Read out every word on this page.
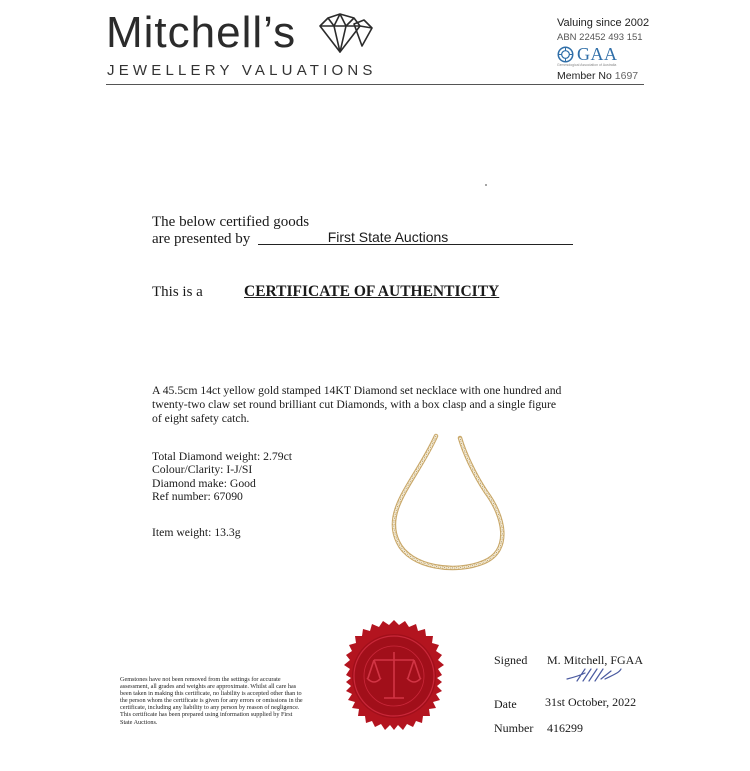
Mitchell’s
JEWELLERY VALUATIONS
Valuing since 2002
ABN 22452 493 151
GAA
Gemmological Association of Australia
Member No 1697
The below certified goods
are presented by	First State Auctions
This is a	CERTIFICATE OF AUTHENTICITY
A 45.5cm 14ct yellow gold stamped 14KT Diamond set necklace with one hundred and twenty-two claw set round brilliant cut Diamonds, with a box clasp and a single figure of eight safety catch.
Total Diamond weight: 2.79ct
Colour/Clarity: I-J/SI
Diamond make: Good
Ref number: 67090
Item weight: 13.3g
Gemstones have not been removed from the settings for accurate assessment, all grades and weights are approximate. Whilst all care has been taken in making this certificate, no liability is accepted other than to the person whom the certificate is given for any errors or omissions in the certificate, including any liability to any person by reason of negligence. This certificate has been prepared using information supplied by First State Auctions.
Signed M. Mitchell, FGAA
Date 31st October, 2022
Number 416299
